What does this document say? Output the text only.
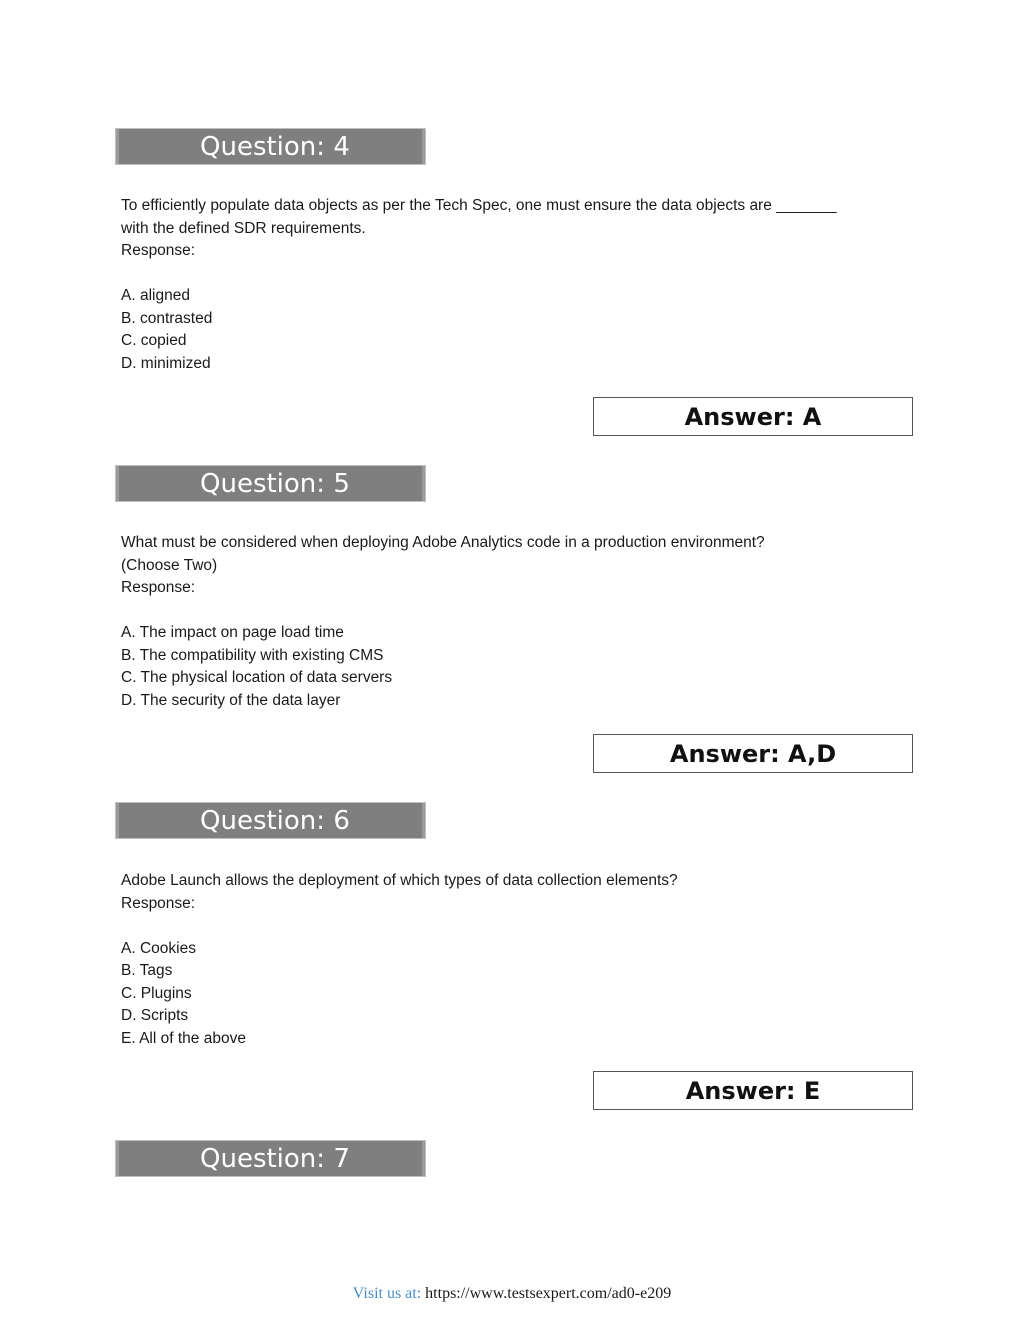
Question: 4
To efficiently populate data objects as per the Tech Spec, one must ensure the data objects are _______
with the defined SDR requirements.
Response:
A. aligned
B. contrasted
C. copied
D. minimized
Answer: A
Question: 5
What must be considered when deploying Adobe Analytics code in a production environment?
(Choose Two)
Response:
A. The impact on page load time
B. The compatibility with existing CMS
C. The physical location of data servers
D. The security of the data layer
Answer: A,D
Question: 6
Adobe Launch allows the deployment of which types of data collection elements?
Response:
A. Cookies
B. Tags
C. Plugins
D. Scripts
E. All of the above
Answer: E
Question: 7
Visit us at: https://www.testsexpert.com/ad0-e209
